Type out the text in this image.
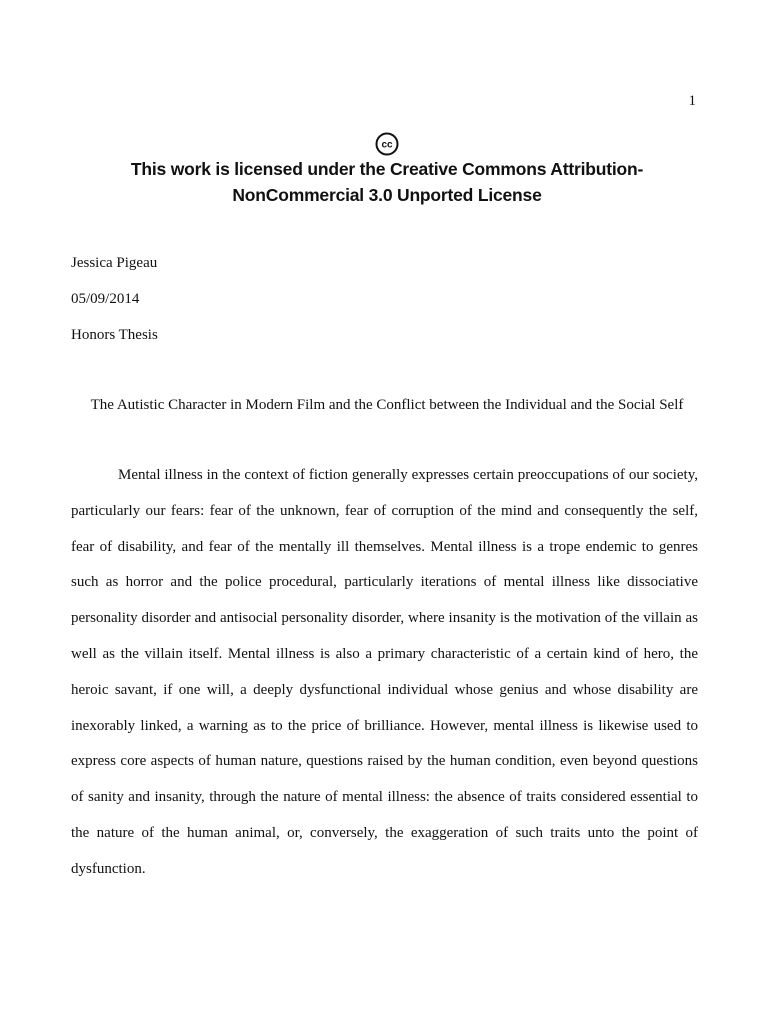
1
cc
This work is licensed under the Creative Commons Attribution-
NonCommercial 3.0 Unported License
Jessica Pigeau
05/09/2014
Honors Thesis
The Autistic Character in Modern Film and the Conflict between the Individual and the Social Self

Mental illness in the context of fiction generally expresses certain preoccupations of our society, particularly our fears: fear of the unknown, fear of corruption of the mind and consequently the self, fear of disability, and fear of the mentally ill themselves. Mental illness is a trope endemic to genres such as horror and the police procedural, particularly iterations of mental illness like dissociative personality disorder and antisocial personality disorder, where insanity is the motivation of the villain as well as the villain itself. Mental illness is also a primary characteristic of a certain kind of hero, the heroic savant, if one will, a deeply dysfunctional individual whose genius and whose disability are inexorably linked, a warning as to the price of brilliance. However, mental illness is likewise used to express core aspects of human nature, questions raised by the human condition, even beyond questions of sanity and insanity, through the nature of mental illness: the absence of traits considered essential to the nature of the human animal, or, conversely, the exaggeration of such traits unto the point of dysfunction.
